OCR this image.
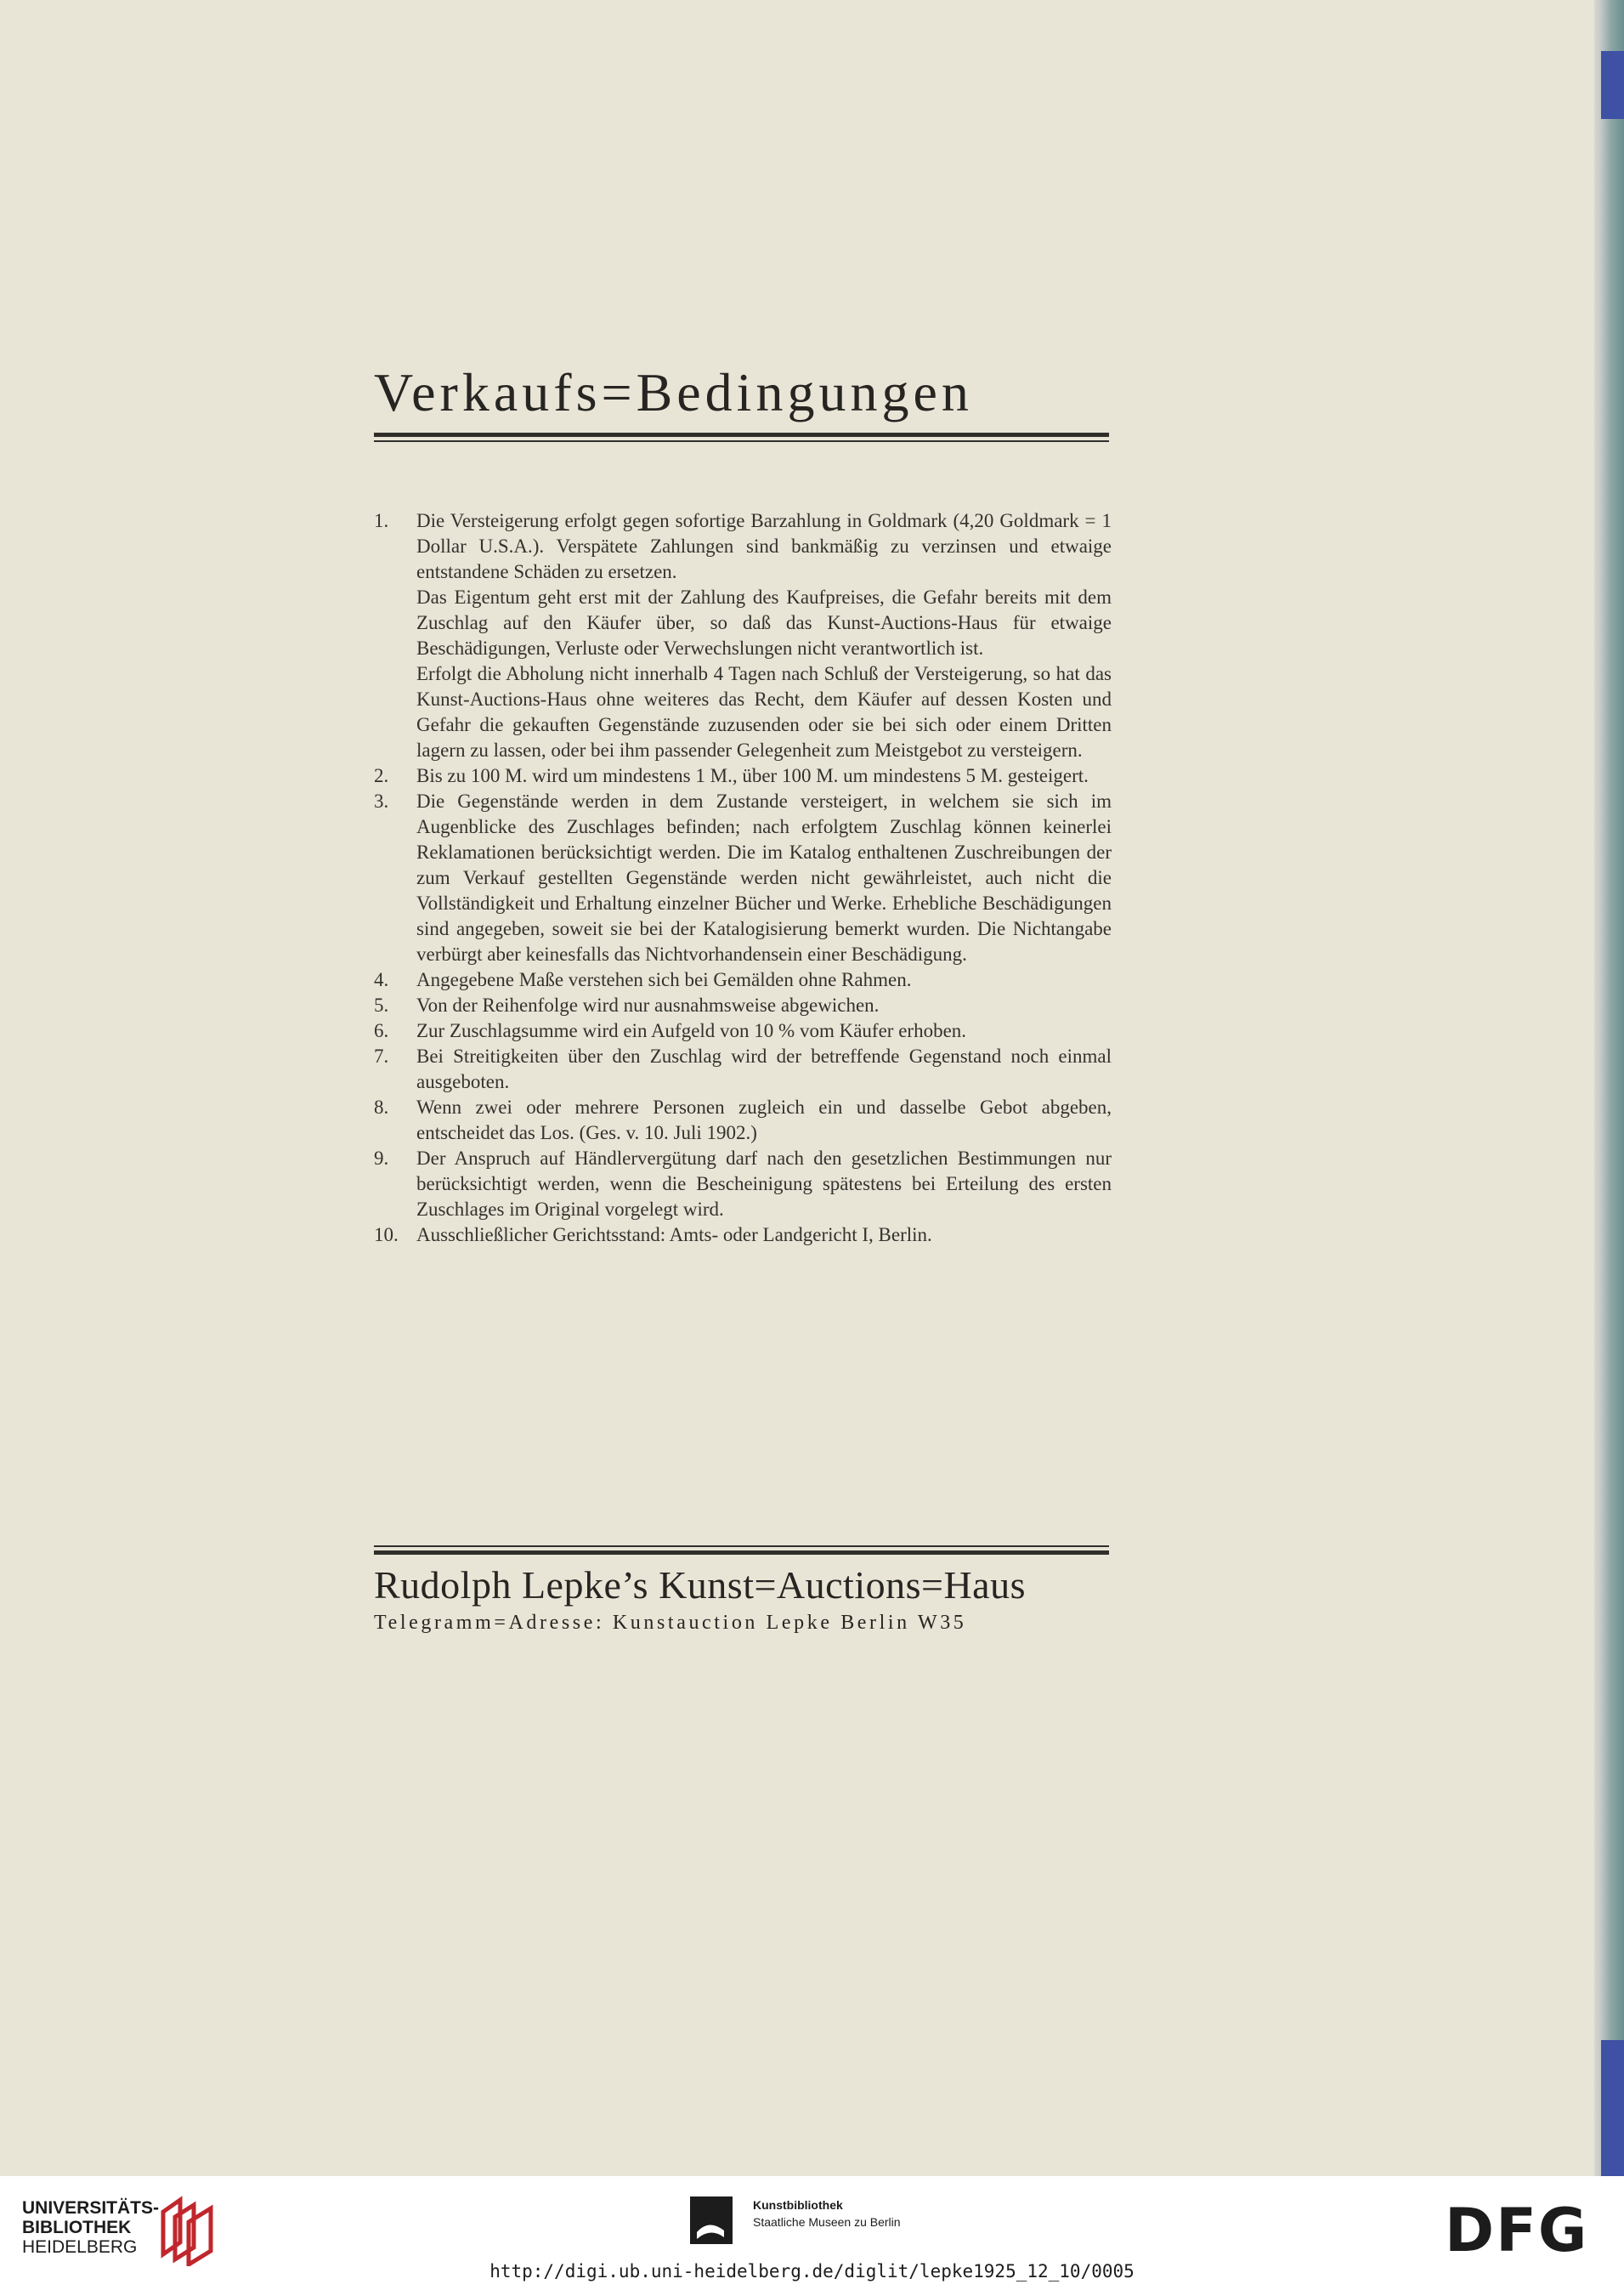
Verkaufs=Bedingungen
1.	Die Versteigerung erfolgt gegen sofortige Barzahlung in Goldmark (4,20 Goldmark = 1 Dollar U.S.A.). Verspätete Zahlungen sind bankmäßig zu verzinsen und etwaige entstandene Schäden zu ersetzen.

Das Eigentum geht erst mit der Zahlung des Kaufpreises, die Gefahr bereits mit dem Zuschlag auf den Käufer über, so daß das Kunst-Auctions-Haus für etwaige Beschädigungen, Verluste oder Verwechslungen nicht verantwortlich ist.

Erfolgt die Abholung nicht innerhalb 4 Tagen nach Schluß der Versteigerung, so hat das Kunst-Auctions-Haus ohne weiteres das Recht, dem Käufer auf dessen Kosten und Gefahr die gekauften Gegenstände zuzusenden oder sie bei sich oder einem Dritten lagern zu lassen, oder bei ihm passender Gelegenheit zum Meistgebot zu versteigern.

2.	Bis zu 100 M. wird um mindestens 1 M., über 100 M. um mindestens 5 M. gesteigert.

3.	Die Gegenstände werden in dem Zustande versteigert, in welchem sie sich im Augenblicke des Zuschlages befinden; nach erfolgtem Zuschlag können keinerlei Reklamationen berücksichtigt werden. Die im Katalog enthaltenen Zuschreibungen der zum Verkauf gestellten Gegenstände werden nicht gewährleistet, auch nicht die Vollständigkeit und Erhaltung einzelner Bücher und Werke. Erhebliche Beschädigungen sind angegeben, soweit sie bei der Katalogisierung bemerkt wurden. Die Nichtangabe verbürgt aber keinesfalls das Nichtvorhandensein einer Beschädigung.

4.	Angegebene Maße verstehen sich bei Gemälden ohne Rahmen.

5.	Von der Reihenfolge wird nur ausnahmsweise abgewichen.

6.	Zur Zuschlagsumme wird ein Aufgeld von 10 % vom Käufer erhoben.

7.	Bei Streitigkeiten über den Zuschlag wird der betreffende Gegenstand noch einmal ausgeboten.

8.	Wenn zwei oder mehrere Personen zugleich ein und dasselbe Gebot abgeben, entscheidet das Los. (Ges. v. 10. Juli 1902.)

9.	Der Anspruch auf Händlervergütung darf nach den gesetzlichen Bestimmungen nur berücksichtigt werden, wenn die Bescheinigung spätestens bei Erteilung des ersten Zuschlages im Original vorgelegt wird.

10. Ausschließlicher Gerichtsstand: Amts- oder Landgericht I, Berlin.

Rudolph Lepke’s Kunst=Auctions=Haus
Telegramm=Adresse: Kunstauction Lepke Berlin W35
UNIVERSITÄTS-
BIBLIOTHEK
HEIDELBERG
Kunstbibliothek
Staatliche Museen zu Berlin	DFG
http://digi.ub.uni-heidelberg.de/diglit/lepke1925_12_10/0005
